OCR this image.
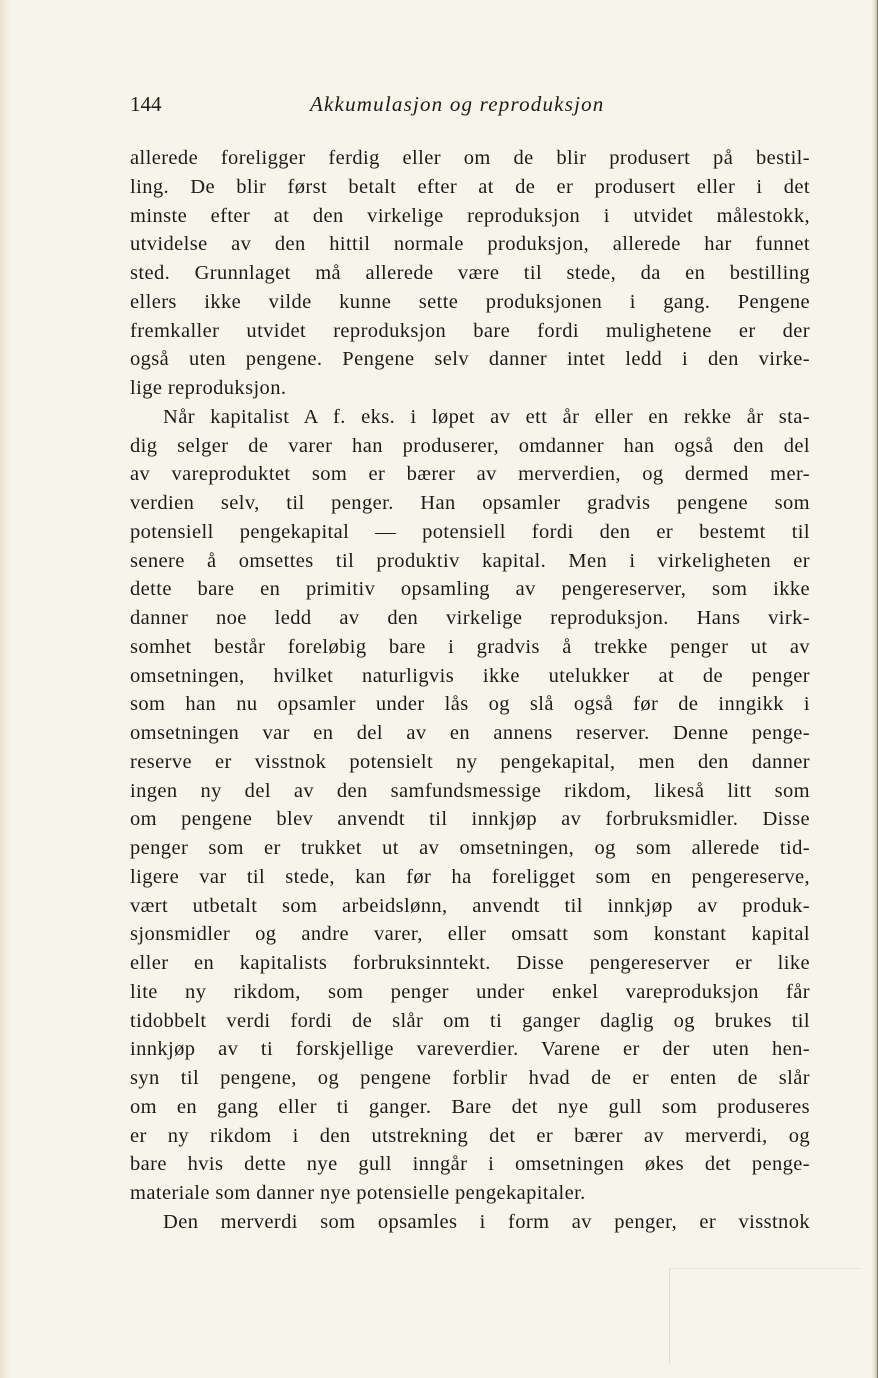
144	Akkumulasjon og reproduksjon
allerede foreligger ferdig eller om de blir produsert på bestil-
ling. De blir først betalt efter at de er produsert eller i det
minste efter at den virkelige reproduksjon i utvidet målestokk,
utvidelse av den hittil normale produksjon, allerede har funnet
sted. Grunnlaget må allerede være til stede, da en bestilling
ellers ikke vilde kunne sette produksjonen i gang. Pengene
fremkaller utvidet reproduksjon bare fordi mulighetene er der
også uten pengene. Pengene selv danner intet ledd i den virke-
lige reproduksjon.
Når kapitalist A f. eks. i løpet av ett år eller en rekke år sta-
dig selger de varer han produserer, omdanner han også den del
av vareproduktet som er bærer av merverdien, og dermed mer-
verdien selv, til penger. Han opsamler gradvis pengene som
potensiell pengekapital — potensiell fordi den er bestemt til
senere å omsettes til produktiv kapital. Men i virkeligheten er
dette bare en primitiv opsamling av pengereserver, som ikke
danner noe ledd av den virkelige reproduksjon. Hans virk-
somhet består foreløbig bare i gradvis å trekke penger ut av
omsetningen, hvilket naturligvis ikke utelukker at de penger
som han nu opsamler under lås og slå også før de inngikk i
omsetningen var en del av en annens reserver. Denne penge-
reserve er visstnok potensielt ny pengekapital, men den danner
ingen ny del av den samfundsmessige rikdom, likeså litt som
om pengene blev anvendt til innkjøp av forbruksmidler. Disse
penger som er trukket ut av omsetningen, og som allerede tid-
ligere var til stede, kan før ha foreligget som en pengereserve,
vært utbetalt som arbeidslønn, anvendt til innkjøp av produk-
sjonsmidler og andre varer, eller omsatt som konstant kapital
eller en kapitalists forbruksinntekt. Disse pengereserver er like
lite ny rikdom, som penger under enkel vareproduksjon får
tidobbelt verdi fordi de slår om ti ganger daglig og brukes til
innkjøp av ti forskjellige vareverdier. Varene er der uten hen-
syn til pengene, og pengene forblir hvad de er enten de slår
om en gang eller ti ganger. Bare det nye gull som produseres
er ny rikdom i den utstrekning det er bærer av merverdi, og
bare hvis dette nye gull inngår i omsetningen økes det penge-
materiale som danner nye potensielle pengekapitaler.
Den merverdi som opsamles i form av penger, er visstnok
